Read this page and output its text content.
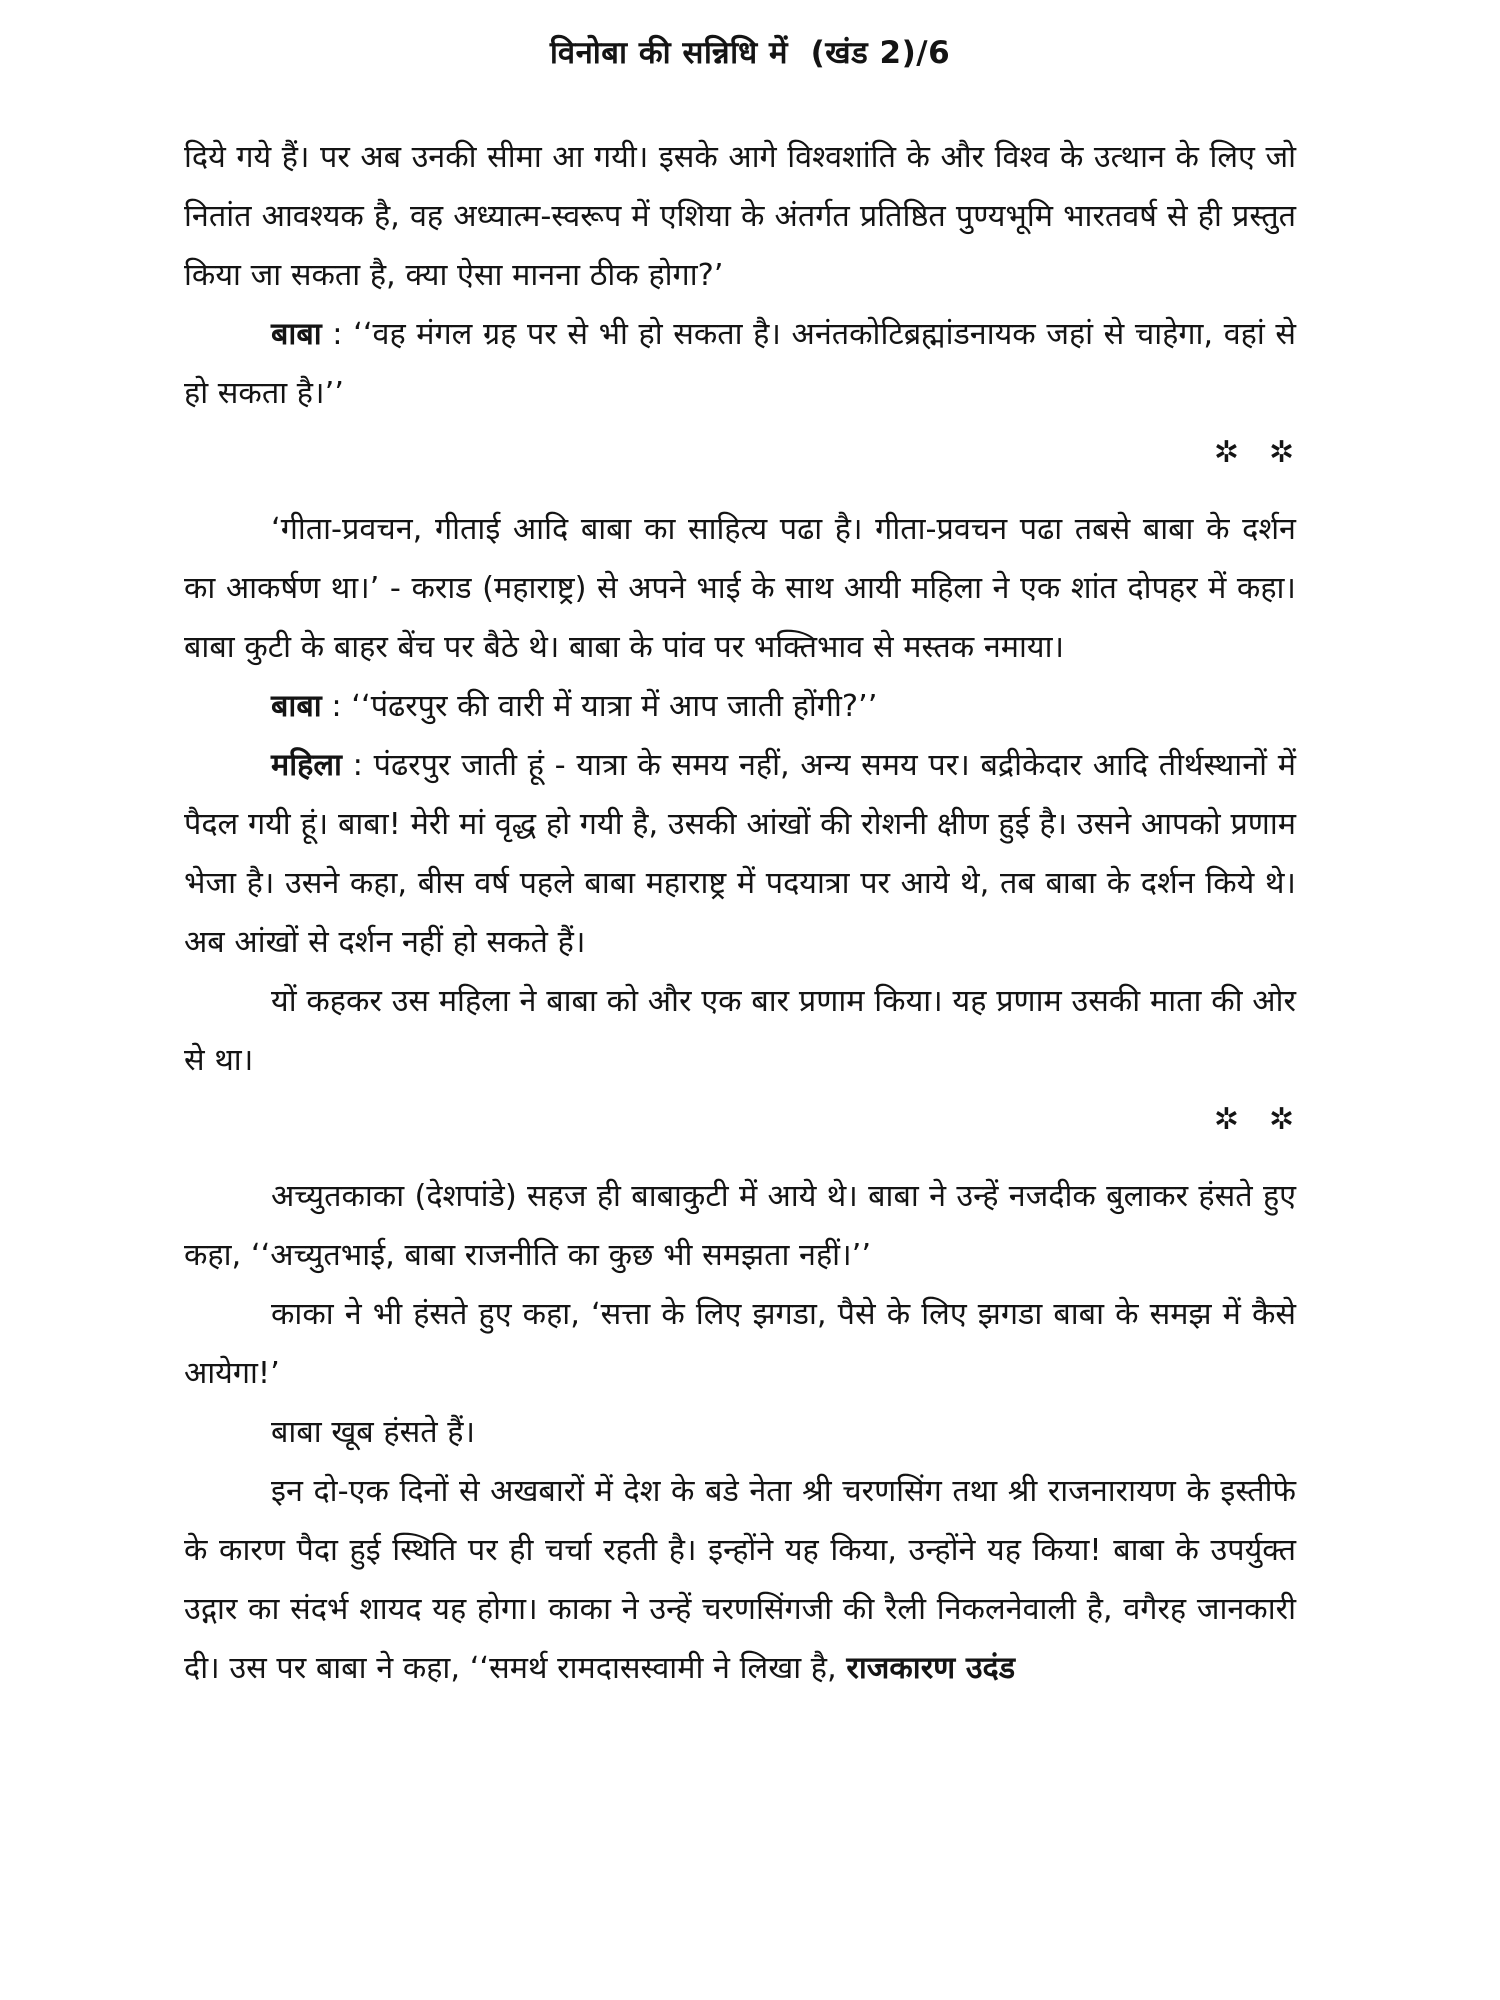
विनोबा की सन्निधि में (खंड 2)/6

दिये गये हैं। पर अब उनकी सीमा आ गयी। इसके आगे विश्वशांति के और विश्व के उत्थान के लिए जो नितांत आवश्यक है, वह अध्यात्म-स्वरूप में एशिया के अंतर्गत प्रतिष्ठित पुण्यभूमि भारतवर्ष से ही प्रस्तुत किया जा सकता है, क्या ऐसा मानना ठीक होगा?’

बाबा : ‘‘वह मंगल ग्रह पर से भी हो सकता है। अनंतकोटिब्रह्मांडनायक जहां से चाहेगा, वहां से हो सकता है।’’

✲ ✲

‘गीता-प्रवचन, गीताई आदि बाबा का साहित्य पढा है। गीता-प्रवचन पढा तबसे बाबा के दर्शन का आकर्षण था।’ - कराड (महाराष्ट्र) से अपने भाई के साथ आयी महिला ने एक शांत दोपहर में कहा। बाबा कुटी के बाहर बेंच पर बैठे थे। बाबा के पांव पर भक्तिभाव से मस्तक नमाया।

बाबा : ‘‘पंढरपुर की वारी में यात्रा में आप जाती होंगी?’’

महिला : पंढरपुर जाती हूं - यात्रा के समय नहीं, अन्य समय पर। बद्रीकेदार आदि तीर्थस्थानों में पैदल गयी हूं। बाबा! मेरी मां वृद्ध हो गयी है, उसकी आंखों की रोशनी क्षीण हुई है। उसने आपको प्रणाम भेजा है। उसने कहा, बीस वर्ष पहले बाबा महाराष्ट्र में पदयात्रा पर आये थे, तब बाबा के दर्शन किये थे। अब आंखों से दर्शन नहीं हो सकते हैं।

यों कहकर उस महिला ने बाबा को और एक बार प्रणाम किया। यह प्रणाम उसकी माता की ओर से था।

✲ ✲

अच्युतकाका (देशपांडे) सहज ही बाबाकुटी में आये थे। बाबा ने उन्हें नजदीक बुलाकर हंसते हुए कहा, ‘‘अच्युतभाई, बाबा राजनीति का कुछ भी समझता नहीं।’’

काका ने भी हंसते हुए कहा, ‘सत्ता के लिए झगडा, पैसे के लिए झगडा बाबा के समझ में कैसे आयेगा!’

बाबा खूब हंसते हैं।

इन दो-एक दिनों से अखबारों में देश के बडे नेता श्री चरणसिंग तथा श्री राजनारायण के इस्तीफे के कारण पैदा हुई स्थिति पर ही चर्चा रहती है। इन्होंने यह किया, उन्होंने यह किया! बाबा के उपर्युक्त उद्गार का संदर्भ शायद यह होगा। काका ने उन्हें चरणसिंगजी की रैली निकलनेवाली है, वगैरह जानकारी दी। उस पर बाबा ने कहा, ‘‘समर्थ रामदासस्वामी ने लिखा है, राजकारण उदंड
